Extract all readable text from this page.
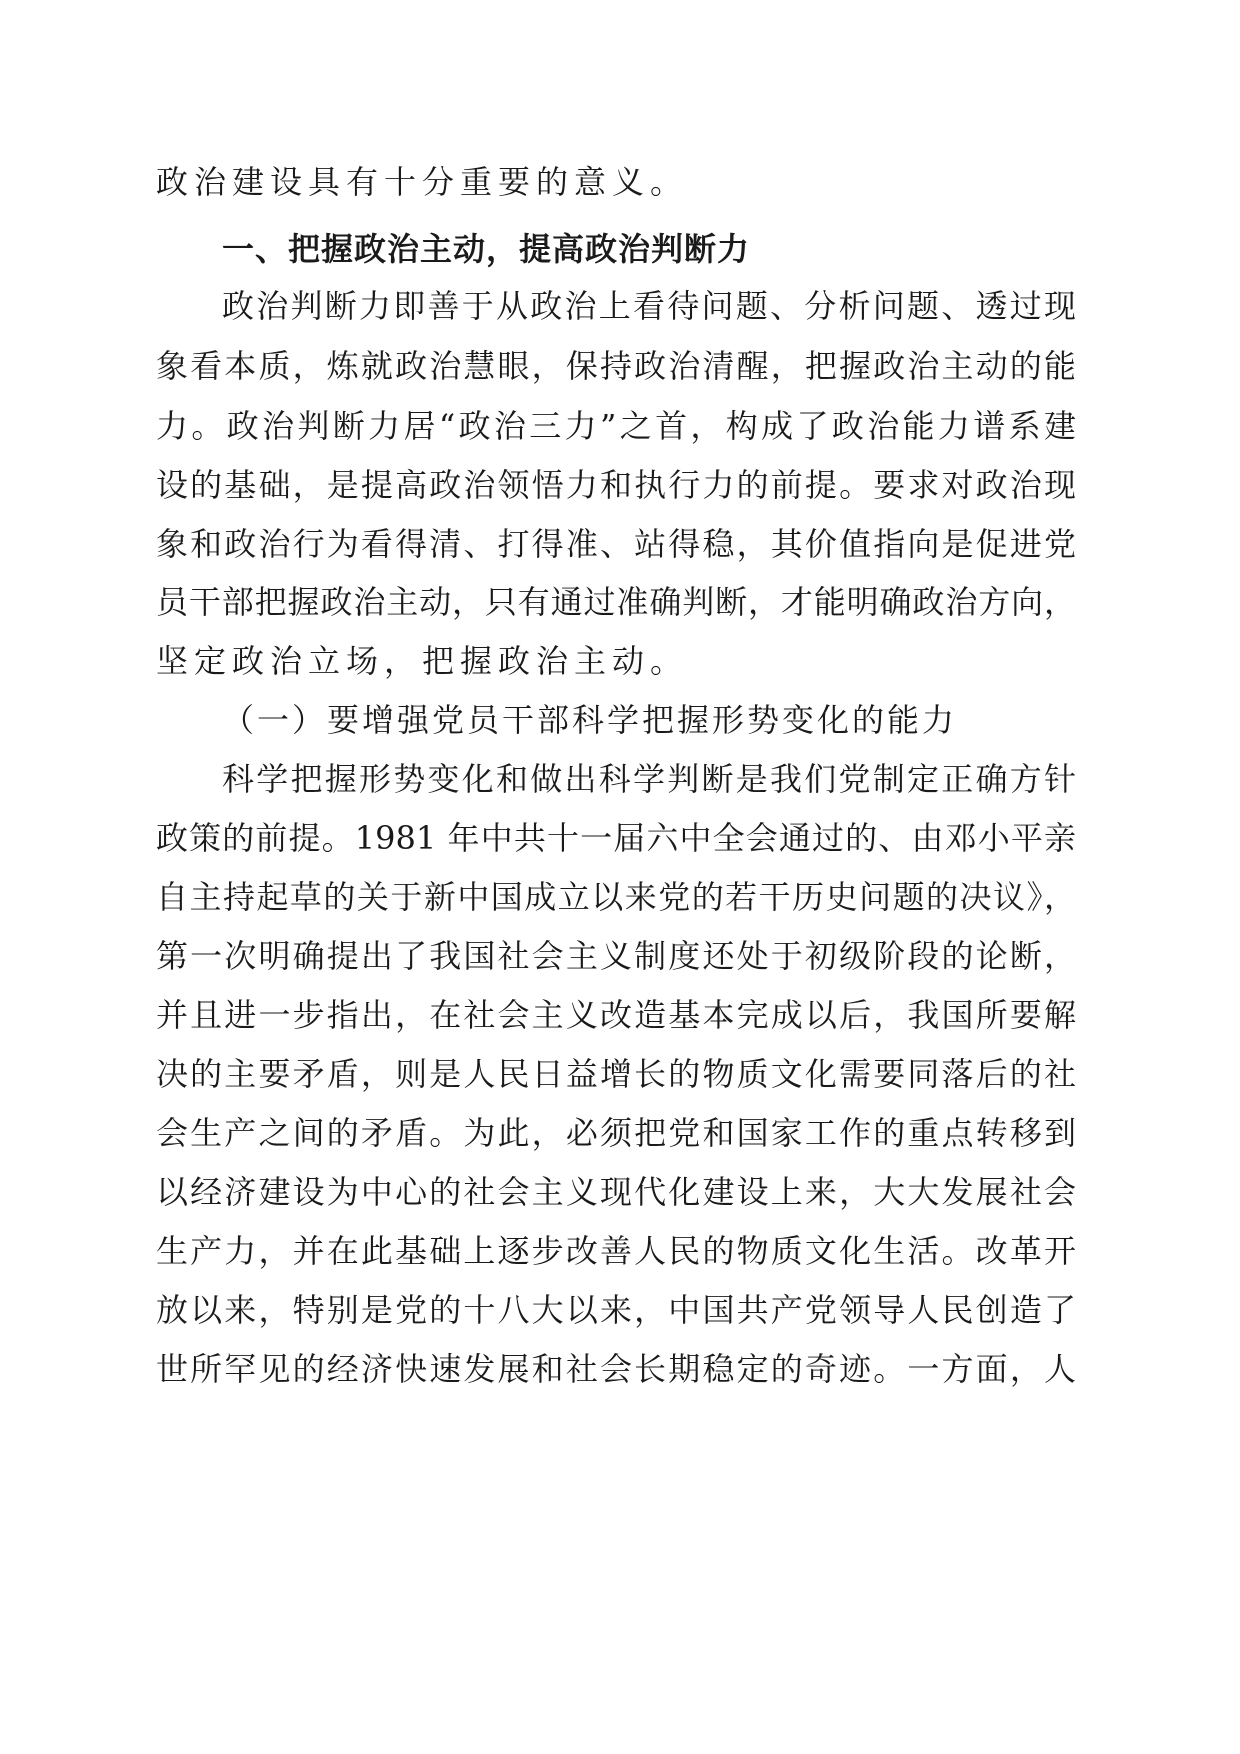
政治建设具有十分重要的意义。
一、把握政治主动，提高政治判断力
政治判断力即善于从政治上看待问题、分析问题、透过现
象看本质，炼就政治慧眼，保持政治清醒，把握政治主动的能
力。政治判断力居“政治三力”之首，构成了政治能力谱系建
设的基础，是提高政治领悟力和执行力的前提。要求对政治现
象和政治行为看得清、打得准、站得稳，其价值指向是促进党
员干部把握政治主动，只有通过准确判断，才能明确政治方向，
坚定政治立场，把握政治主动。
（一）要增强党员干部科学把握形势变化的能力
科学把握形势变化和做出科学判断是我们党制定正确方针
政策的前提。1981 年中共十一届六中全会通过的、由邓小平亲
自主持起草的关于新中国成立以来党的若干历史问题的决议》，
第一次明确提出了我国社会主义制度还处于初级阶段的论断，
并且进一步指出，在社会主义改造基本完成以后，我国所要解
决的主要矛盾，则是人民日益增长的物质文化需要同落后的社
会生产之间的矛盾。为此，必须把党和国家工作的重点转移到
以经济建设为中心的社会主义现代化建设上来，大大发展社会
生产力，并在此基础上逐步改善人民的物质文化生活。改革开
放以来，特别是党的十八大以来，中国共产党领导人民创造了
世所罕见的经济快速发展和社会长期稳定的奇迹。一方面，人
